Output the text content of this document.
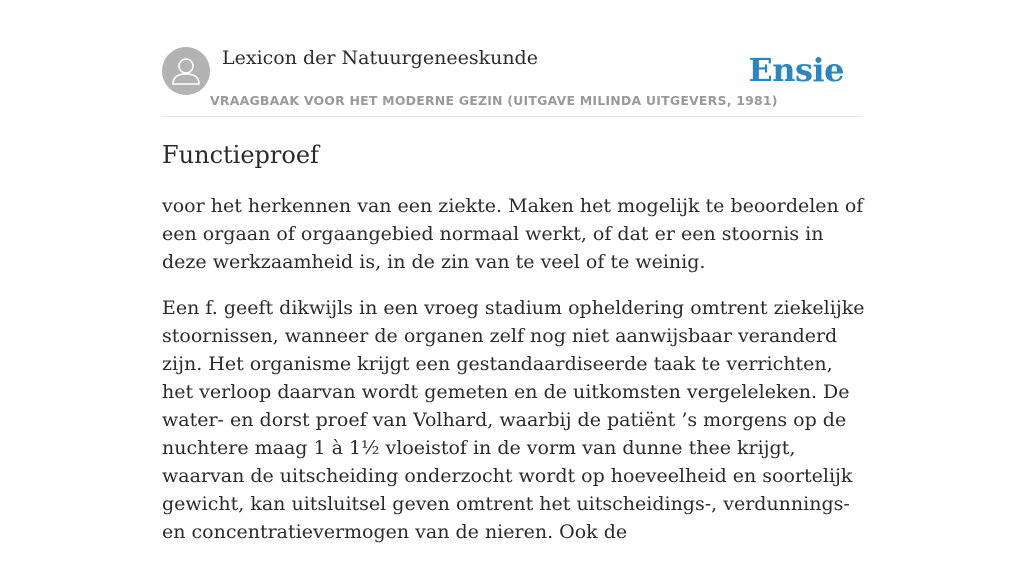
Lexicon der Natuurgeneeskunde
VRAAGBAAK VOOR HET MODERNE GEZIN (UITGAVE MILINDA UITGEVERS, 1981)
Ensie
Functieproef

voor het herkennen van een ziekte. Maken het mogelijk te beoordelen of een orgaan of orgaangebied normaal werkt, of dat er een stoornis in deze werkzaamheid is, in de zin van te veel of te weinig.

Een f. geeft dikwijls in een vroeg stadium opheldering omtrent ziekelijke stoornissen, wanneer de organen zelf nog niet aanwijsbaar veranderd zijn. Het organisme krijgt een gestandaardiseerde taak te verrichten, het verloop daarvan wordt gemeten en de uitkomsten vergeleleken. De water- en dorst proef van Volhard, waarbij de patiënt ’s morgens op de nuchtere maag 1 à 1½ vloeistof in de vorm van dunne thee krijgt, waarvan de uitscheiding onderzocht wordt op hoeveelheid en soortelijk gewicht, kan uitsluitsel geven omtrent het uitscheidings-, verdunnings- en concentratievermogen van de nieren. Ook de
